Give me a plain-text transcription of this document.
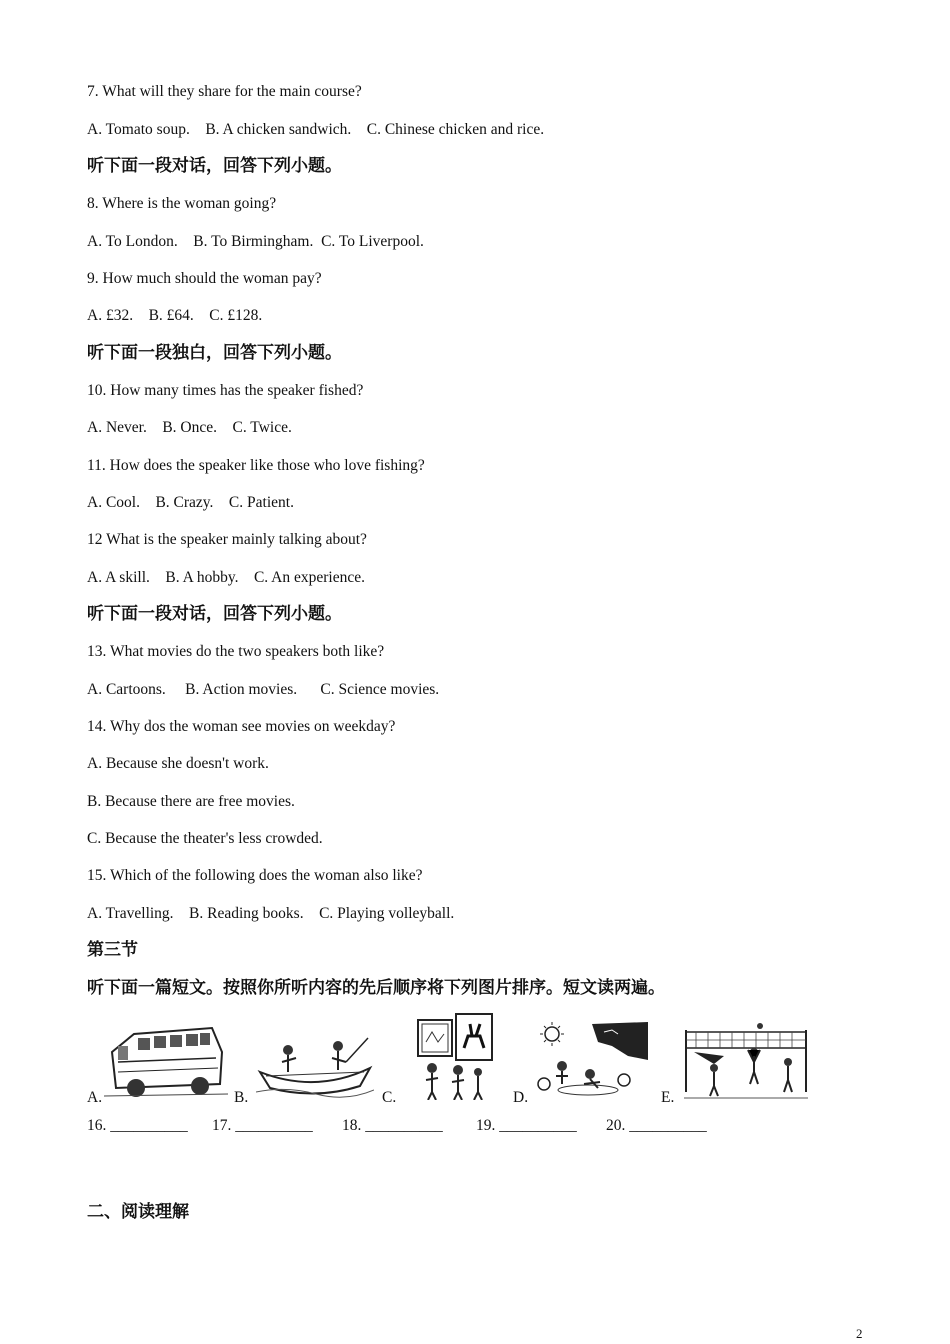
7. What will they share for the main course?
A. Tomato soup.    B. A chicken sandwich.    C. Chinese chicken and rice.
听下面一段对话，回答下列小题。
8. Where is the woman going?
A. To London.    B. To Birmingham.  C. To Liverpool.
9. How much should the woman pay?
A. £32.    B. £64.    C. £128.
听下面一段独白，回答下列小题。
10. How many times has the speaker fished?
A. Never.    B. Once.    C. Twice.
11. How does the speaker like those who love fishing?
A. Cool.    B. Crazy.    C. Patient.
12 What is the speaker mainly talking about?
A. A skill.    B. A hobby.    C. An experience.
听下面一段对话，回答下列小题。
13. What movies do the two speakers both like?
A. Cartoons.     B. Action movies.      C. Science movies.
14. Why dos the woman see movies on weekday?
A. Because she doesn't work.
B. Because there are free movies.
C. Because the theater's less crowded.
15. Which of the following does the woman also like?
A. Travelling.    B. Reading books.    C. Playing volleyball.
第三节
听下面一篇短文。按照你所听内容的先后顺序将下列图片排序。短文读两遍。
A.	B.	C.	D.	E.
16. __________ 17. __________ 18. __________ 19. __________ 20. __________
二、阅读理解
2
